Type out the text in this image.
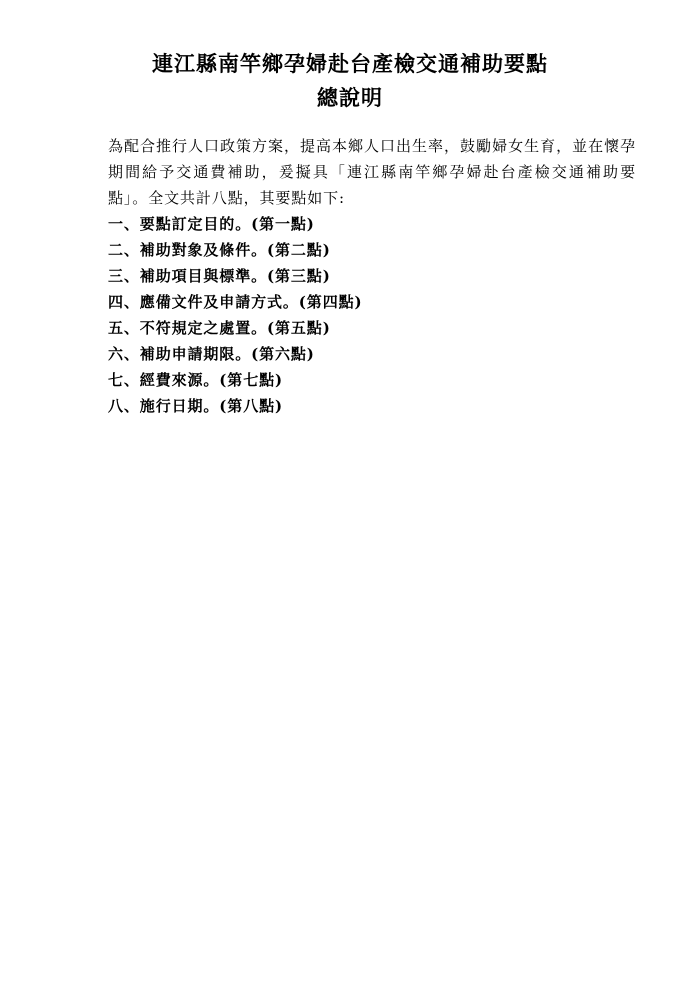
連江縣南竿鄉孕婦赴台產檢交通補助要點
總說明
為配合推行人口政策方案，提高本鄉人口出生率，鼓勵婦女生育，並在懷孕期間給予交通費補助，爰擬具「連江縣南竿鄉孕婦赴台產檢交通補助要點」。全文共計八點，其要點如下:
一、要點訂定目的。(第一點)
二、補助對象及條件。(第二點)
三、補助項目與標準。(第三點)
四、應備文件及申請方式。(第四點)
五、不符規定之處置。(第五點)
六、補助申請期限。(第六點)
七、經費來源。(第七點)
八、施行日期。(第八點)
